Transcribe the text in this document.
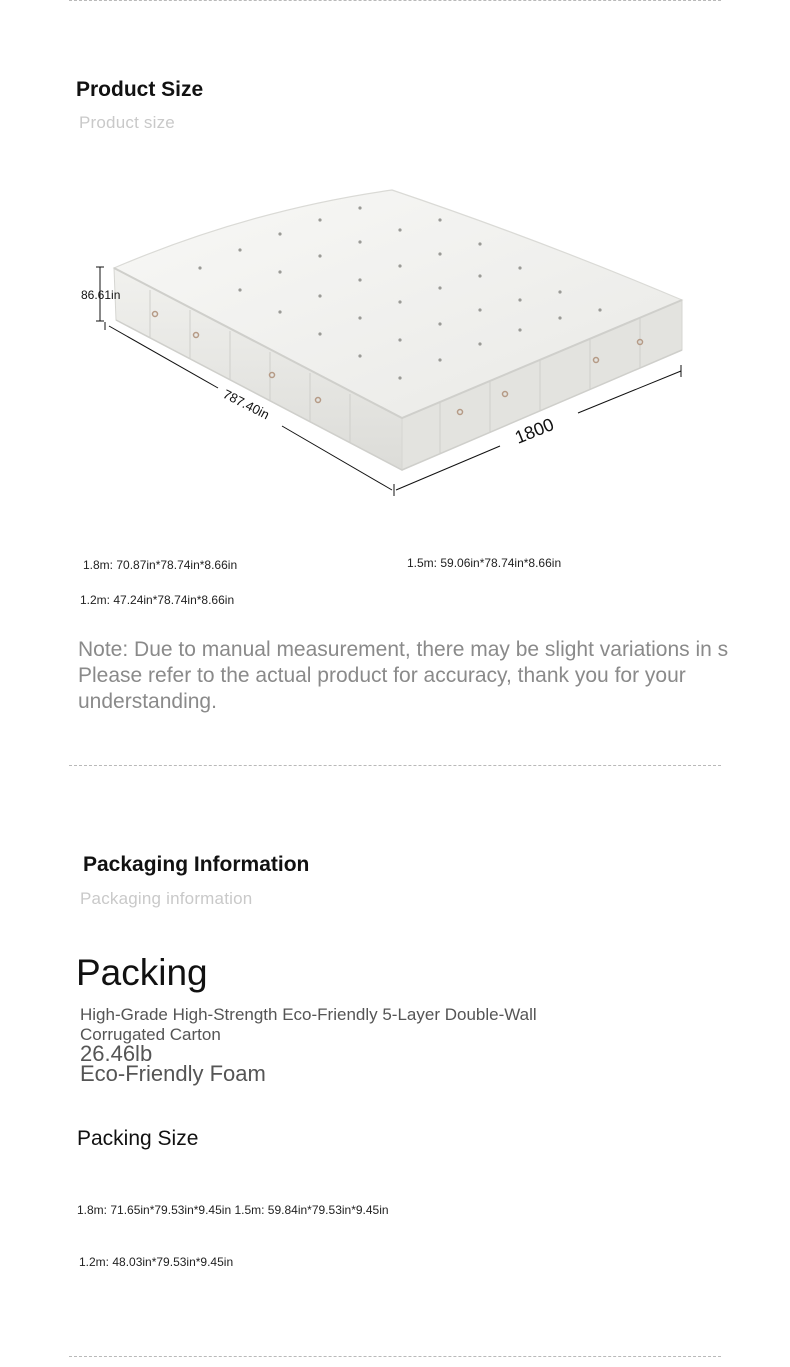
Product Size
Product size
86.61in
787.40in
1800
1.8m: 70.87in*78.74in*8.66in	1.5m: 59.06in*78.74in*8.66in
1.2m: 47.24in*78.74in*8.66in
Note: Due to manual measurement, there may be slight variations in s
Please refer to the actual product for accuracy, thank you for your
understanding.
Packaging Information
Packaging information
Packing
High-Grade High-Strength Eco-Friendly 5-Layer Double-Wall Corrugated Carton
26.46lb
Eco-Friendly Foam
Packing Size
1.8m: 71.65in*79.53in*9.45in 1.5m: 59.84in*79.53in*9.45in
1.2m: 48.03in*79.53in*9.45in
